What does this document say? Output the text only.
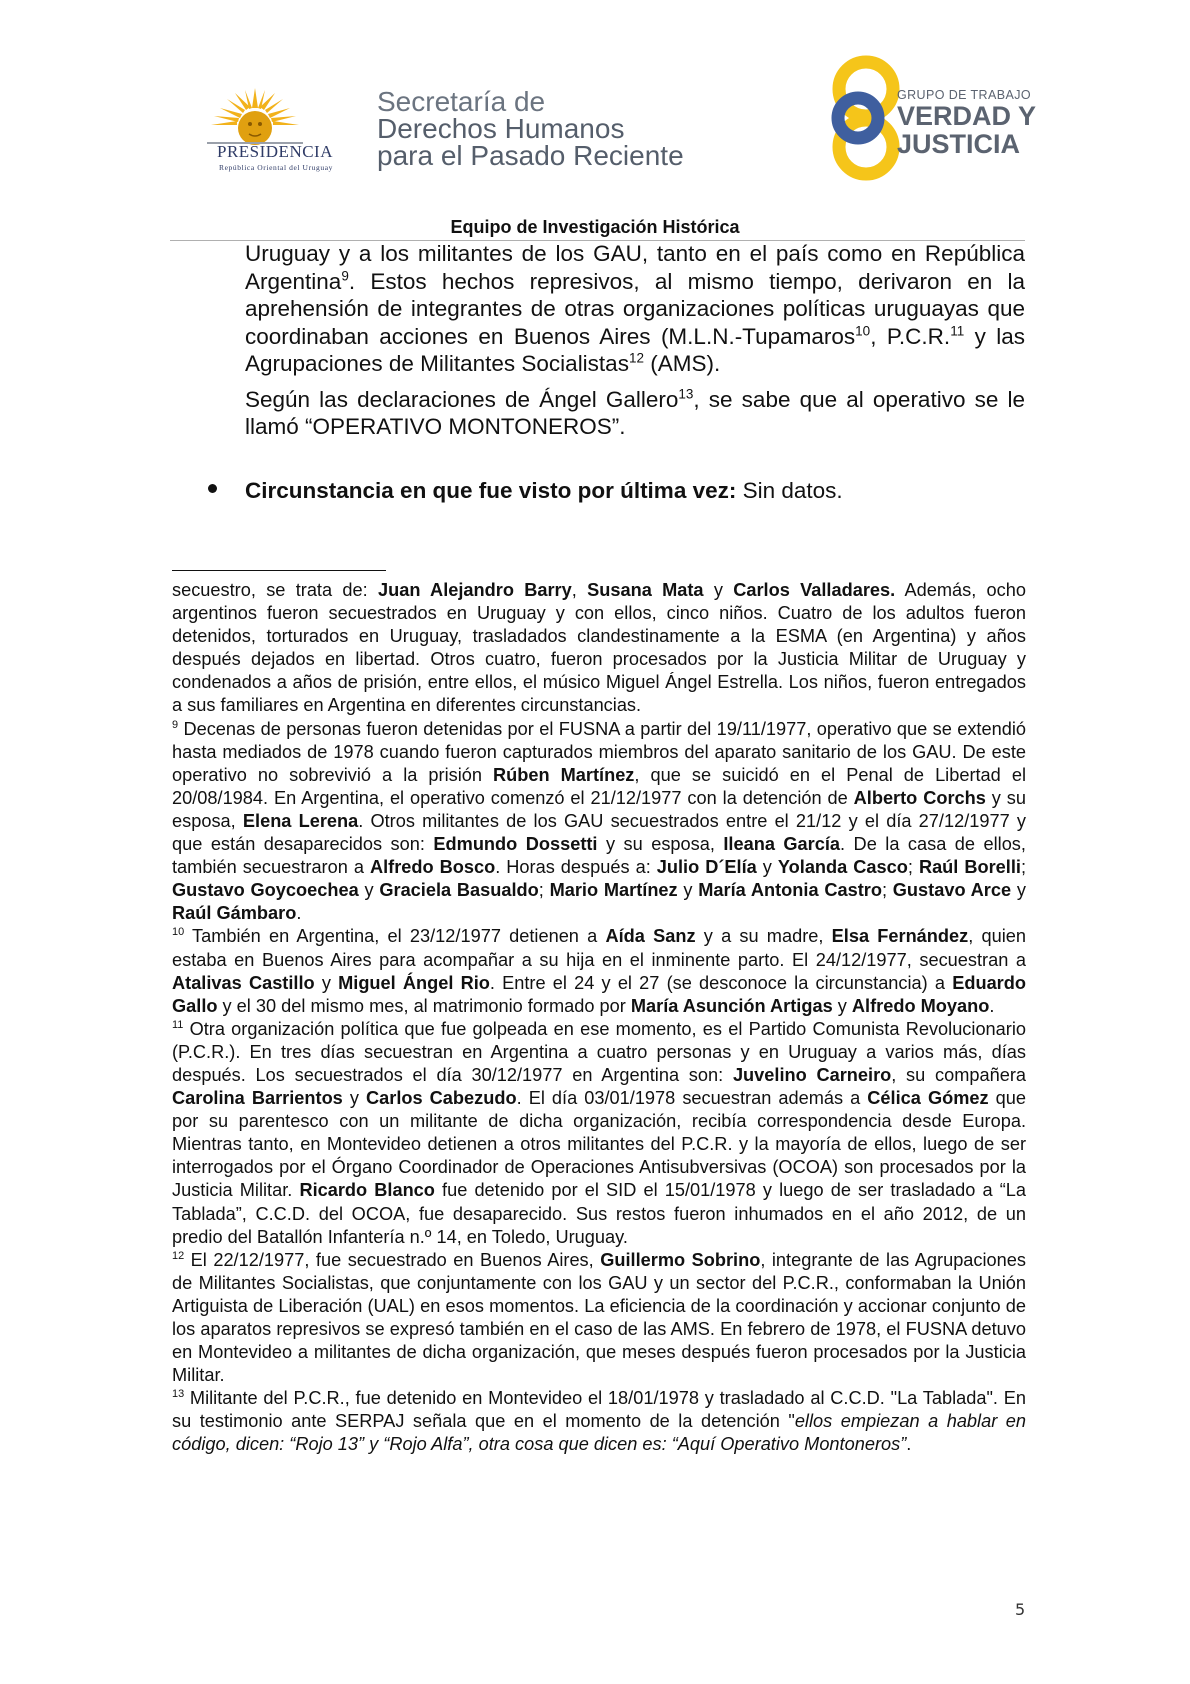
PRESIDENCIA
República Oriental del Uruguay
Secretaría de
Derechos Humanos
para el Pasado Reciente
GRUPO DE TRABAJO
VERDAD Y
JUSTICIA
Equipo de Investigación Histórica

Uruguay y a los militantes de los GAU, tanto en el país como en República Argentina$^9$. Estos hechos represivos, al mismo tiempo, derivaron en la aprehensión de integrantes de otras organizaciones políticas uruguayas que coordinaban acciones en Buenos Aires (M.L.N.-Tupamaros$^{10}$, P.C.R.$^{11}$ y las Agrupaciones de Militantes Socialistas$^{12}$ (AMS).

Según las declaraciones de Ángel Gallero$^{13}$, se sabe que al operativo se le llamó “OPERATIVO MONTONEROS”.

Circunstancia en que fue visto por última vez: Sin datos.

secuestro, se trata de: Juan Alejandro Barry, Susana Mata y Carlos Valladares. Además, ocho argentinos fueron secuestrados en Uruguay y con ellos, cinco niños. Cuatro de los adultos fueron detenidos, torturados en Uruguay, trasladados clandestinamente a la ESMA (en Argentina) y años después dejados en libertad. Otros cuatro, fueron procesados por la Justicia Militar de Uruguay y condenados a años de prisión, entre ellos, el músico Miguel Ángel Estrella. Los niños, fueron entregados a sus familiares en Argentina en diferentes circunstancias.

$^9$ Decenas de personas fueron detenidas por el FUSNA a partir del 19/11/1977, operativo que se extendió hasta mediados de 1978 cuando fueron capturados miembros del aparato sanitario de los GAU. De este operativo no sobrevivió a la prisión Rúben Martínez, que se suicidó en el Penal de Libertad el 20/08/1984. En Argentina, el operativo comenzó el 21/12/1977 con la detención de Alberto Corchs y su esposa, Elena Lerena. Otros militantes de los GAU secuestrados entre el 21/12 y el día 27/12/1977 y que están desaparecidos son: Edmundo Dossetti y su esposa, Ileana García. De la casa de ellos, también secuestraron a Alfredo Bosco. Horas después a: Julio D´Elía y Yolanda Casco; Raúl Borelli; Gustavo Goycoechea y Graciela Basualdo; Mario Martínez y María Antonia Castro; Gustavo Arce y Raúl Gámbaro.

$^{10}$ También en Argentina, el 23/12/1977 detienen a Aída Sanz y a su madre, Elsa Fernández, quien estaba en Buenos Aires para acompañar a su hija en el inminente parto. El 24/12/1977, secuestran a Atalivas Castillo y Miguel Ángel Rio. Entre el 24 y el 27 (se desconoce la circunstancia) a Eduardo Gallo y el 30 del mismo mes, al matrimonio formado por María Asunción Artigas y Alfredo Moyano.

$^{11}$ Otra organización política que fue golpeada en ese momento, es el Partido Comunista Revolucionario (P.C.R.). En tres días secuestran en Argentina a cuatro personas y en Uruguay a varios más, días después. Los secuestrados el día 30/12/1977 en Argentina son: Juvelino Carneiro, su compañera Carolina Barrientos y Carlos Cabezudo. El día 03/01/1978 secuestran además a Célica Gómez que por su parentesco con un militante de dicha organización, recibía correspondencia desde Europa. Mientras tanto, en Montevideo detienen a otros militantes del P.C.R. y la mayoría de ellos, luego de ser interrogados por el Órgano Coordinador de Operaciones Antisubversivas (OCOA) son procesados por la Justicia Militar. Ricardo Blanco fue detenido por el SID el 15/01/1978 y luego de ser trasladado a “La Tablada”, C.C.D. del OCOA, fue desaparecido. Sus restos fueron inhumados en el año 2012, de un predio del Batallón Infantería n.º 14, en Toledo, Uruguay.

$^{12}$ El 22/12/1977, fue secuestrado en Buenos Aires, Guillermo Sobrino, integrante de las Agrupaciones de Militantes Socialistas, que conjuntamente con los GAU y un sector del P.C.R., conformaban la Unión Artiguista de Liberación (UAL) en esos momentos. La eficiencia de la coordinación y accionar conjunto de los aparatos represivos se expresó también en el caso de las AMS. En febrero de 1978, el FUSNA detuvo en Montevideo a militantes de dicha organización, que meses después fueron procesados por la Justicia Militar.

$^{13}$ Militante del P.C.R., fue detenido en Montevideo el 18/01/1978 y trasladado al C.C.D. "La Tablada". En su testimonio ante SERPAJ señala que en el momento de la detención "ellos empiezan a hablar en código, dicen: “Rojo 13” y “Rojo Alfa”, otra cosa que dicen es: “Aquí Operativo Montoneros”.

5
